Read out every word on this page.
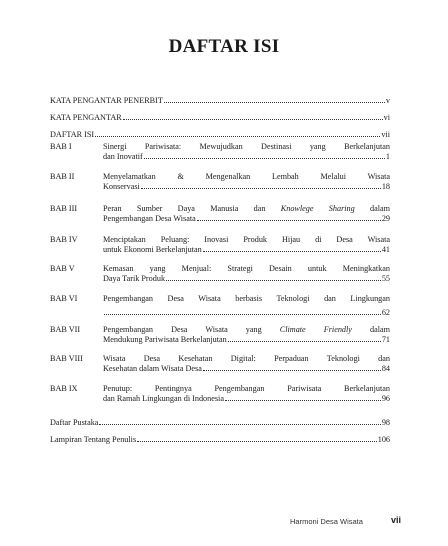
DAFTAR ISI
KATA PENGANTAR PENERBIT	v
KATA PENGANTAR	vi
DAFTAR ISI	vii
BAB I	Sinergi Pariwisata: Mewujudkan Destinasi yang Berkelanjutan
dan Inovatif	1
BAB II	Menyelamatkan & Mengenalkan Lembah Melalui Wisata
Konservasi	18
BAB III	Peran Sumber Daya Manusia dan Knowlege Sharing dalam
Pengembangan Desa Wisata	29
BAB IV	Menciptakan Peluang: Inovasi Produk Hijau di Desa Wisata
untuk Ekonomi Berkelanjutan	41
BAB V	Kemasan yang Menjual: Strategi Desain untuk Meningkatkan
Daya Tarik Produk	55
BAB VI	Pengembangan Desa Wisata berbasis Teknologi dan Lingkungan
62
BAB VII	Pengembangan Desa Wisata yang Climate Friendly dalam
Mendukung Pariwisata Berkelanjutan	71
BAB VIII	Wisata Desa Kesehatan Digital: Perpaduan Teknologi dan
Kesehatan dalam Wisata Desa	84
BAB IX	Penutup: Pentingnya Pengembangan Pariwisata Berkelanjutan
dan Ramah Lingkungan di Indonesia	96
Daftar Pustaka	98
Lampiran Tentang Penulis	106
Harmoni Desa Wisata	vii
